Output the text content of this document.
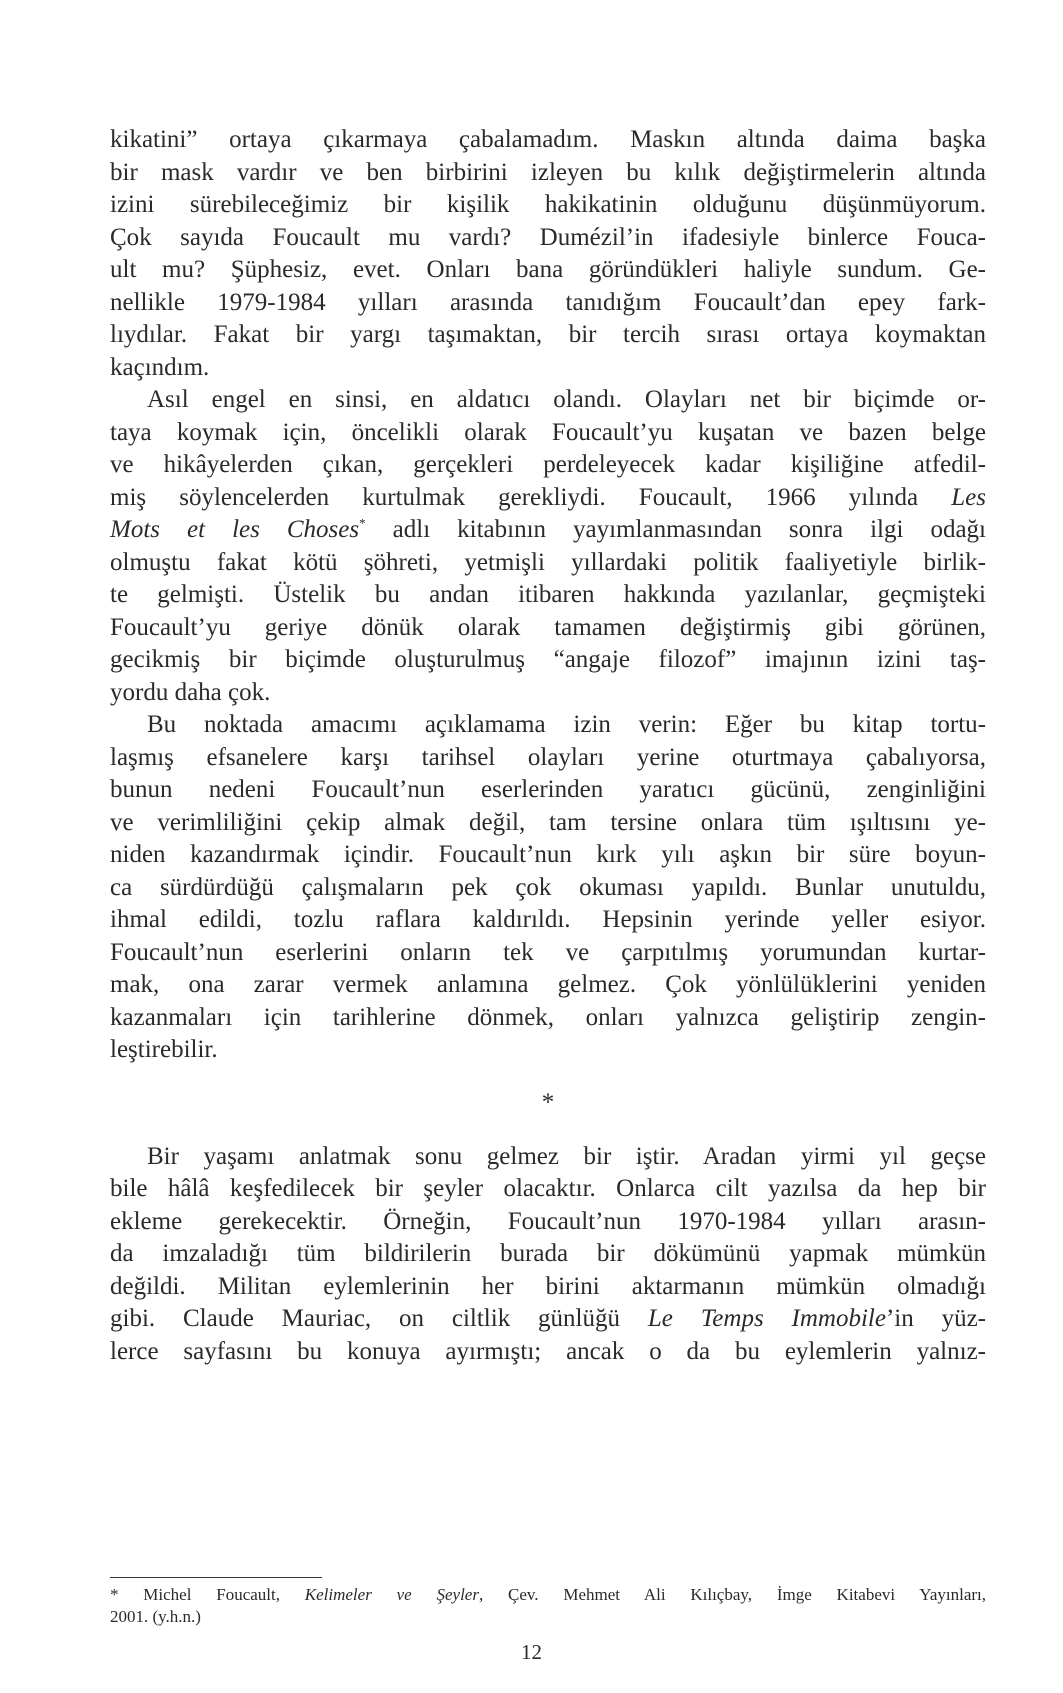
kikatini” ortaya çıkarmaya çabalamadım. Maskın altında daima başka
bir mask vardır ve ben birbirini izleyen bu kılık değiştirmelerin altında
izini sürebileceğimiz bir kişilik hakikatinin olduğunu düşünmüyorum.
Çok sayıda Foucault mu vardı? Dumézil’in ifadesiyle binlerce Fouca-
ult mu? Şüphesiz, evet. Onları bana göründükleri haliyle sundum. Ge-
nellikle 1979-1984 yılları arasında tanıdığım Foucault’dan epey fark-
lıydılar. Fakat bir yargı taşımaktan, bir tercih sırası ortaya koymaktan
kaçındım.
Asıl engel en sinsi, en aldatıcı olandı. Olayları net bir biçimde or-
taya koymak için, öncelikli olarak Foucault’yu kuşatan ve bazen belge
ve hikâyelerden çıkan, gerçekleri perdeleyecek kadar kişiliğine atfedil-
miş söylencelerden kurtulmak gerekliydi. Foucault, 1966 yılında Les
Mots et les Choses* adlı kitabının yayımlanmasından sonra ilgi odağı
olmuştu fakat kötü şöhreti, yetmişli yıllardaki politik faaliyetiyle birlik-
te gelmişti. Üstelik bu andan itibaren hakkında yazılanlar, geçmişteki
Foucault’yu geriye dönük olarak tamamen değiştirmiş gibi görünen,
gecikmiş bir biçimde oluşturulmuş “angaje filozof” imajının izini taş-
yordu daha çok.
Bu noktada amacımı açıklamama izin verin: Eğer bu kitap tortu-
laşmış efsanelere karşı tarihsel olayları yerine oturtmaya çabalıyorsa,
bunun nedeni Foucault’nun eserlerinden yaratıcı gücünü, zenginliğini
ve verimliliğini çekip almak değil, tam tersine onlara tüm ışıltısını ye-
niden kazandırmak içindir. Foucault’nun kırk yılı aşkın bir süre boyun-
ca sürdürdüğü çalışmaların pek çok okuması yapıldı. Bunlar unutuldu,
ihmal edildi, tozlu raflara kaldırıldı. Hepsinin yerinde yeller esiyor.
Foucault’nun eserlerini onların tek ve çarpıtılmış yorumundan kurtar-
mak, ona zarar vermek anlamına gelmez. Çok yönlülüklerini yeniden
kazanmaları için tarihlerine dönmek, onları yalnızca geliştirip zengin-
leştirebilir.
*
Bir yaşamı anlatmak sonu gelmez bir iştir. Aradan yirmi yıl geçse
bile hâlâ keşfedilecek bir şeyler olacaktır. Onlarca cilt yazılsa da hep bir
ekleme gerekecektir. Örneğin, Foucault’nun 1970-1984 yılları arasın-
da imzaladığı tüm bildirilerin burada bir dökümünü yapmak mümkün
değildi. Militan eylemlerinin her birini aktarmanın mümkün olmadığı
gibi. Claude Mauriac, on ciltlik günlüğü Le Temps Immobile’in yüz-
lerce sayfasını bu konuya ayırmıştı; ancak o da bu eylemlerin yalnız-
* Michel Foucault, Kelimeler ve Şeyler, Çev. Mehmet Ali Kılıçbay, İmge Kitabevi Yayınları,
2001. (y.h.n.)
12
